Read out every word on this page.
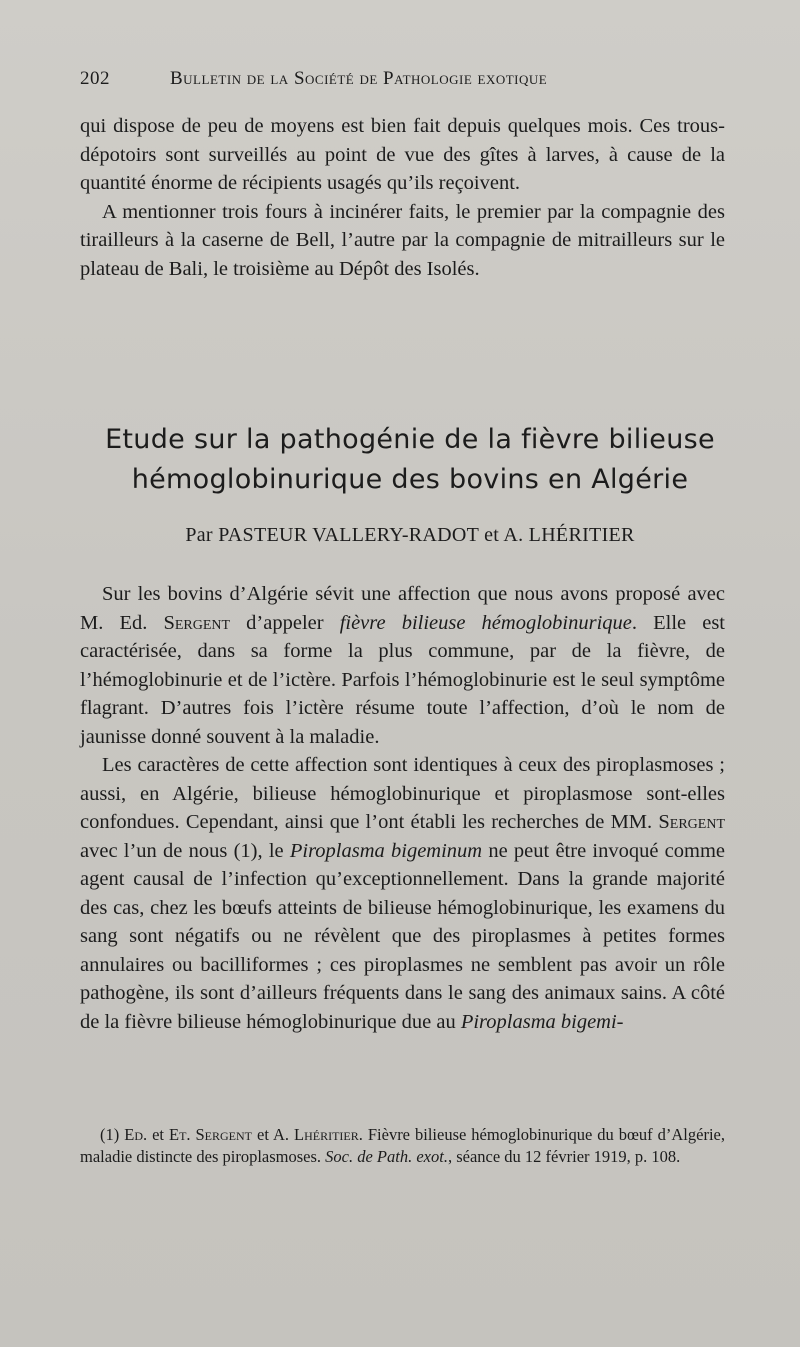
202	Bulletin de la Société de Pathologie exotique

qui dispose de peu de moyens est bien fait depuis quelques mois. Ces trous-dépotoirs sont surveillés au point de vue des gîtes à larves, à cause de la quantité énorme de récipients usagés qu’ils reçoivent.

A mentionner trois fours à incinérer faits, le premier par la compagnie des tirailleurs à la caserne de Bell, l’autre par la compagnie de mitrailleurs sur le plateau de Bali, le troisième au Dépôt des Isolés.

Etude sur la pathogénie de la fièvre bilieuse
hémoglobinurique des bovins en Algérie
Par PASTEUR VALLERY-RADOT et A. LHÉRITIER

Sur les bovins d’Algérie sévit une affection que nous avons proposé avec M. Ed. Sergent d’appeler fièvre bilieuse hémoglobinurique. Elle est caractérisée, dans sa forme la plus commune, par de la fièvre, de l’hémoglobinurie et de l’ictère. Parfois l’hémoglobinurie est le seul symptôme flagrant. D’autres fois l’ictère résume toute l’affection, d’où le nom de jaunisse donné souvent à la maladie.

Les caractères de cette affection sont identiques à ceux des piroplasmoses ; aussi, en Algérie, bilieuse hémoglobinurique et piroplasmose sont-elles confondues. Cependant, ainsi que l’ont établi les recherches de MM. Sergent avec l’un de nous (1), le Piroplasma bigeminum ne peut être invoqué comme agent causal de l’infection qu’exceptionnellement. Dans la grande majorité des cas, chez les bœufs atteints de bilieuse hémoglobinurique, les examens du sang sont négatifs ou ne révèlent que des piroplasmes à petites formes annulaires ou bacilliformes ; ces piroplasmes ne semblent pas avoir un rôle pathogène, ils sont d’ailleurs fréquents dans le sang des animaux sains. A côté de la fièvre bilieuse hémoglobinurique due au Piroplasma bigemi-

(1) Ed. et Et. Sergent et A. Lhéritier. Fièvre bilieuse hémoglobinurique du bœuf d’Algérie, maladie distincte des piroplasmoses. Soc. de Path. exot., séance du 12 février 1919, p. 108.
